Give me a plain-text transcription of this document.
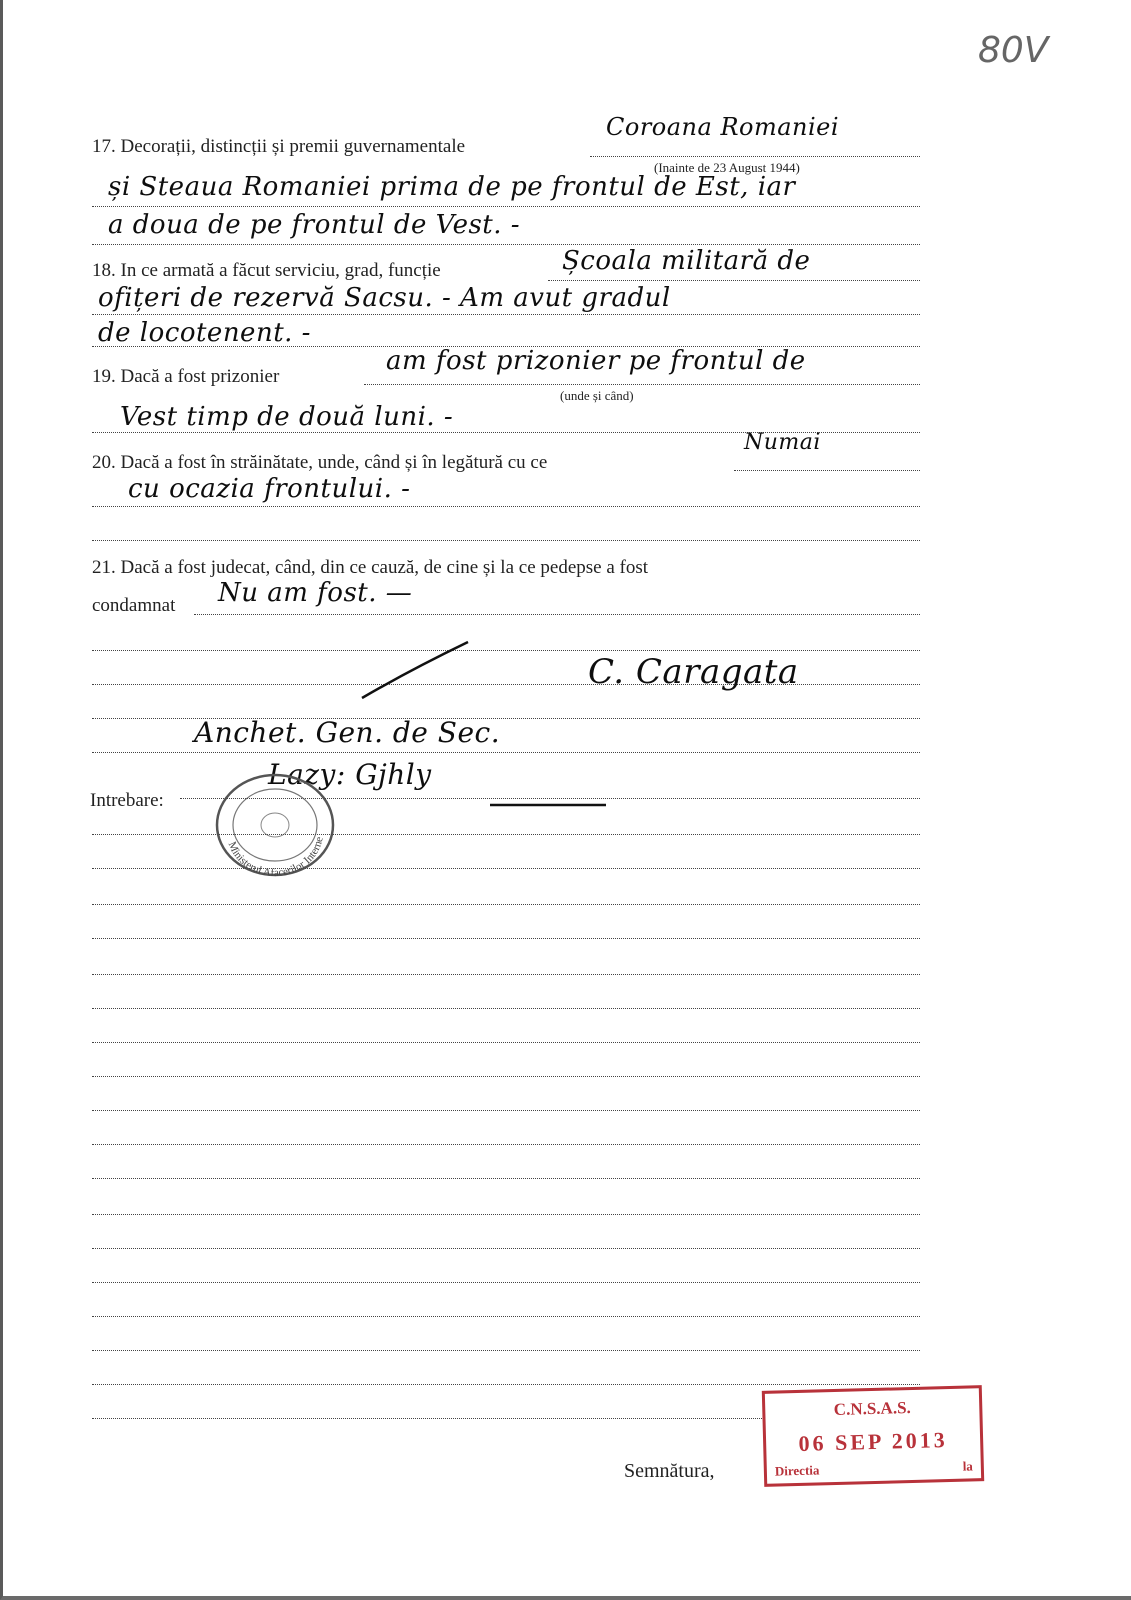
80V
17. Decorații, distincții și premii guvernamentale
Coroana Romaniei
(Inainte de 23 August 1944)
și Steaua Romaniei prima de pe frontul de Est, iar
a doua de pe frontul de Vest. -
18. In ce armată a făcut serviciu, grad, funcție	Școala militară de
ofițeri de rezervă Sacsu. - Am avut gradul
de locotenent. -
19. Dacă a fost prizonier
am fost prizonier pe frontul de
(unde și când)
Vest timp de două luni. -
20. Dacă a fost în străinătate, unde, când și în legătură cu ce
Numai
cu ocazia frontului. -
21. Dacă a fost judecat, când, din ce cauză, de cine și la ce pedepse a fost
condamnat Nu am fost. —
C. Caragata
Anchet. Gen. de Sec.
Lazy: Gjhly
Intrebare:
Ministerul Afacerilor Interne
Semnătura,
C.N.S.A.S.
06 SEP 2013
Directia	la
